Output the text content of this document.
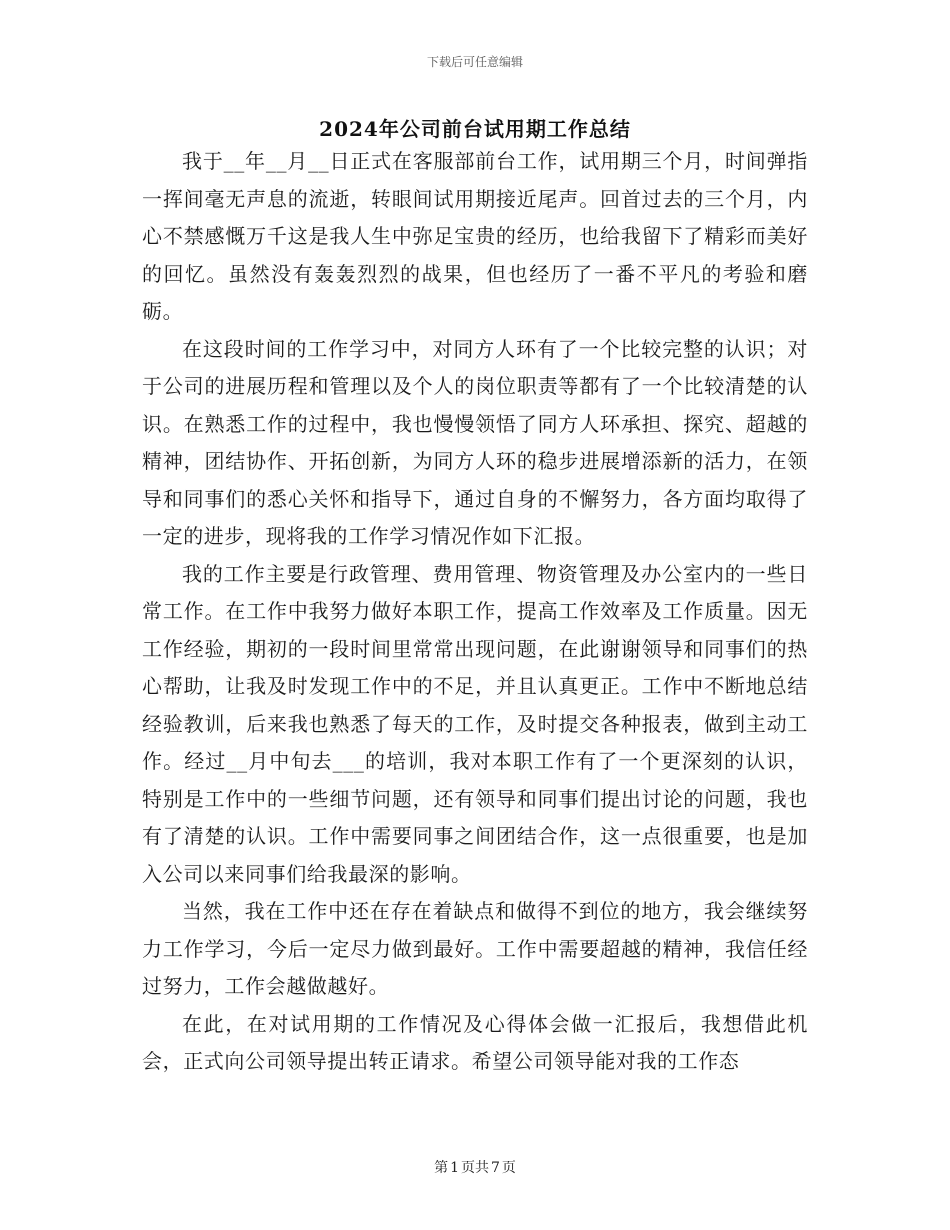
下载后可任意编辑
2024年公司前台试用期工作总结

我于__年__月__日正式在客服部前台工作，试用期三个月，时间弹指一挥间毫无声息的流逝，转眼间试用期接近尾声。回首过去的三个月，内心不禁感慨万千这是我人生中弥足宝贵的经历，也给我留下了精彩而美好的回忆。虽然没有轰轰烈烈的战果，但也经历了一番不平凡的考验和磨砺。

在这段时间的工作学习中，对同方人环有了一个比较完整的认识；对于公司的进展历程和管理以及个人的岗位职责等都有了一个比较清楚的认识。在熟悉工作的过程中，我也慢慢领悟了同方人环承担、探究、超越的精神，团结协作、开拓创新，为同方人环的稳步进展增添新的活力，在领导和同事们的悉心关怀和指导下，通过自身的不懈努力，各方面均取得了一定的进步，现将我的工作学习情况作如下汇报。

我的工作主要是行政管理、费用管理、物资管理及办公室内的一些日常工作。在工作中我努力做好本职工作，提高工作效率及工作质量。因无工作经验，期初的一段时间里常常出现问题，在此谢谢领导和同事们的热心帮助，让我及时发现工作中的不足，并且认真更正。工作中不断地总结经验教训，后来我也熟悉了每天的工作，及时提交各种报表，做到主动工作。经过__月中旬去___的培训，我对本职工作有了一个更深刻的认识，特别是工作中的一些细节问题，还有领导和同事们提出讨论的问题，我也有了清楚的认识。工作中需要同事之间团结合作，这一点很重要，也是加入公司以来同事们给我最深的影响。

当然，我在工作中还在存在着缺点和做得不到位的地方，我会继续努力工作学习，今后一定尽力做到最好。工作中需要超越的精神，我信任经过努力，工作会越做越好。

在此，在对试用期的工作情况及心得体会做一汇报后，我想借此机会，正式向公司领导提出转正请求。希望公司领导能对我的工作态

第 1 页共 7 页
